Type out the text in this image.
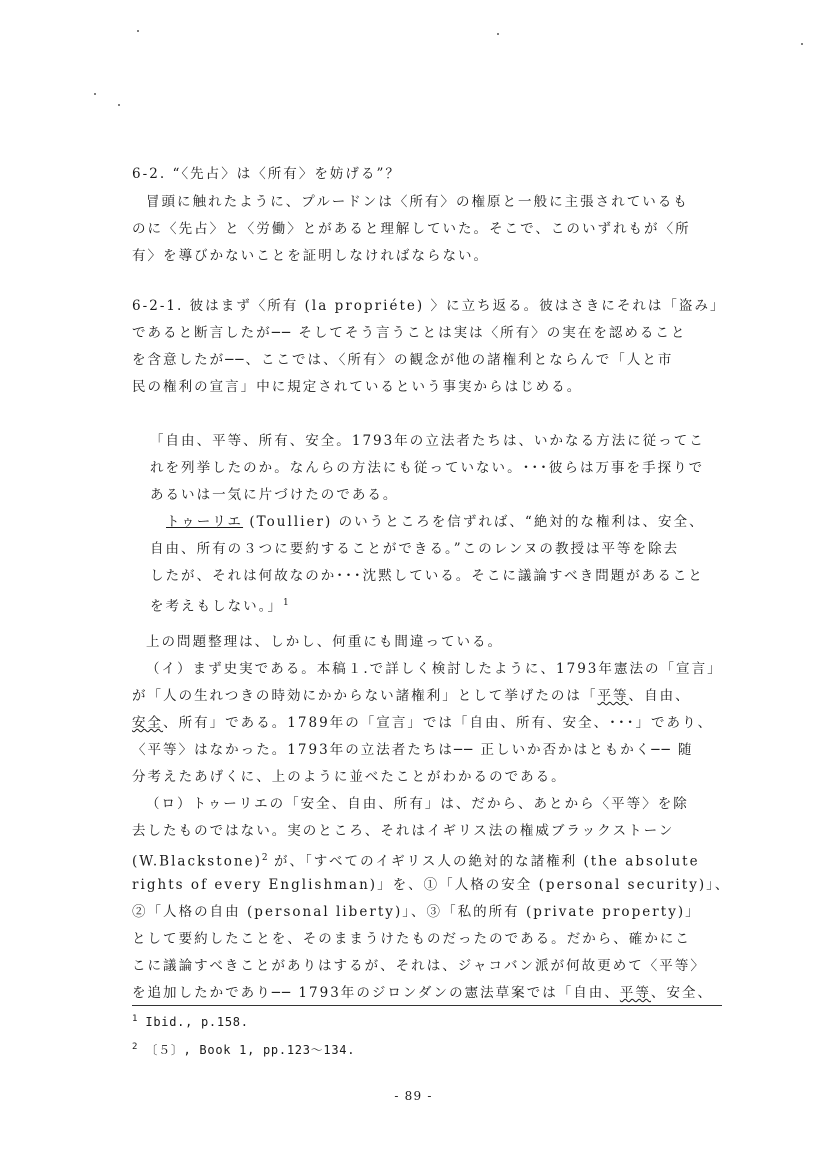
6-2. “〈先占〉は〈所有〉を妨げる”？
冒頭に触れたように、プルードンは〈所有〉の権原と一般に主張されているも
のに〈先占〉と〈労働〉とがあると理解していた。そこで、このいずれもが〈所
有〉を導びかないことを証明しなければならない。
6-2-1. 彼はまず〈所有 (la propriéte) 〉に立ち返る。彼はさきにそれは「盗み」
であると断言したが── そしてそう言うことは実は〈所有〉の実在を認めること
を含意したが──、ここでは、〈所有〉の観念が他の諸権利とならんで「人と市
民の権利の宣言」中に規定されているという事実からはじめる。
「自由、平等、所有、安全。1793年の立法者たちは、いかなる方法に従ってこ
れを列挙したのか。なんらの方法にも従っていない。･･･彼らは万事を手探りで
あるいは一気に片づけたのである。
トゥーリエ (Toullier) のいうところを信ずれば、“絶対的な権利は、安全、
自由、所有の３つに要約することができる。”このレンヌの教授は平等を除去
したが、それは何故なのか･･･沈黙している。そこに議論すべき問題があること
を考えもしない。」$^1$
上の問題整理は、しかし、何重にも間違っている。
（イ）まず史実である。本稿１.で詳しく検討したように、1793年憲法の「宣言」
が「人の生れつきの時効にかからない諸権利」として挙げたのは「平等、自由、
安全、所有」である。1789年の「宣言」では「自由、所有、安全、･･･」であり、
〈平等〉はなかった。1793年の立法者たちは── 正しいか否かはともかく── 随
分考えたあげくに、上のように並べたことがわかるのである。
（ロ）トゥーリエの「安全、自由、所有」は、だから、あとから〈平等〉を除
去したものではない。実のところ、それはイギリス法の権威ブラックストーン
(W.Blackstone)$^2$ が、「すべてのイギリス人の絶対的な諸権利 (the absolute
rights of every Englishman)」を、①「人格の安全 (personal security)」、
②「人格の自由 (personal liberty)」、③「私的所有 (private property)」
として要約したことを、そのままうけたものだったのである。だから、確かにこ
こに議論すべきことがありはするが、それは、ジャコバン派が何故更めて〈平等〉
を追加したかであり── 1793年のジロンダンの憲法草案では「自由、平等、安全、
$^1$ Ibid., p.158.
$^2$ 〔５〕, Book 1, pp.123～134.
- 89 -
